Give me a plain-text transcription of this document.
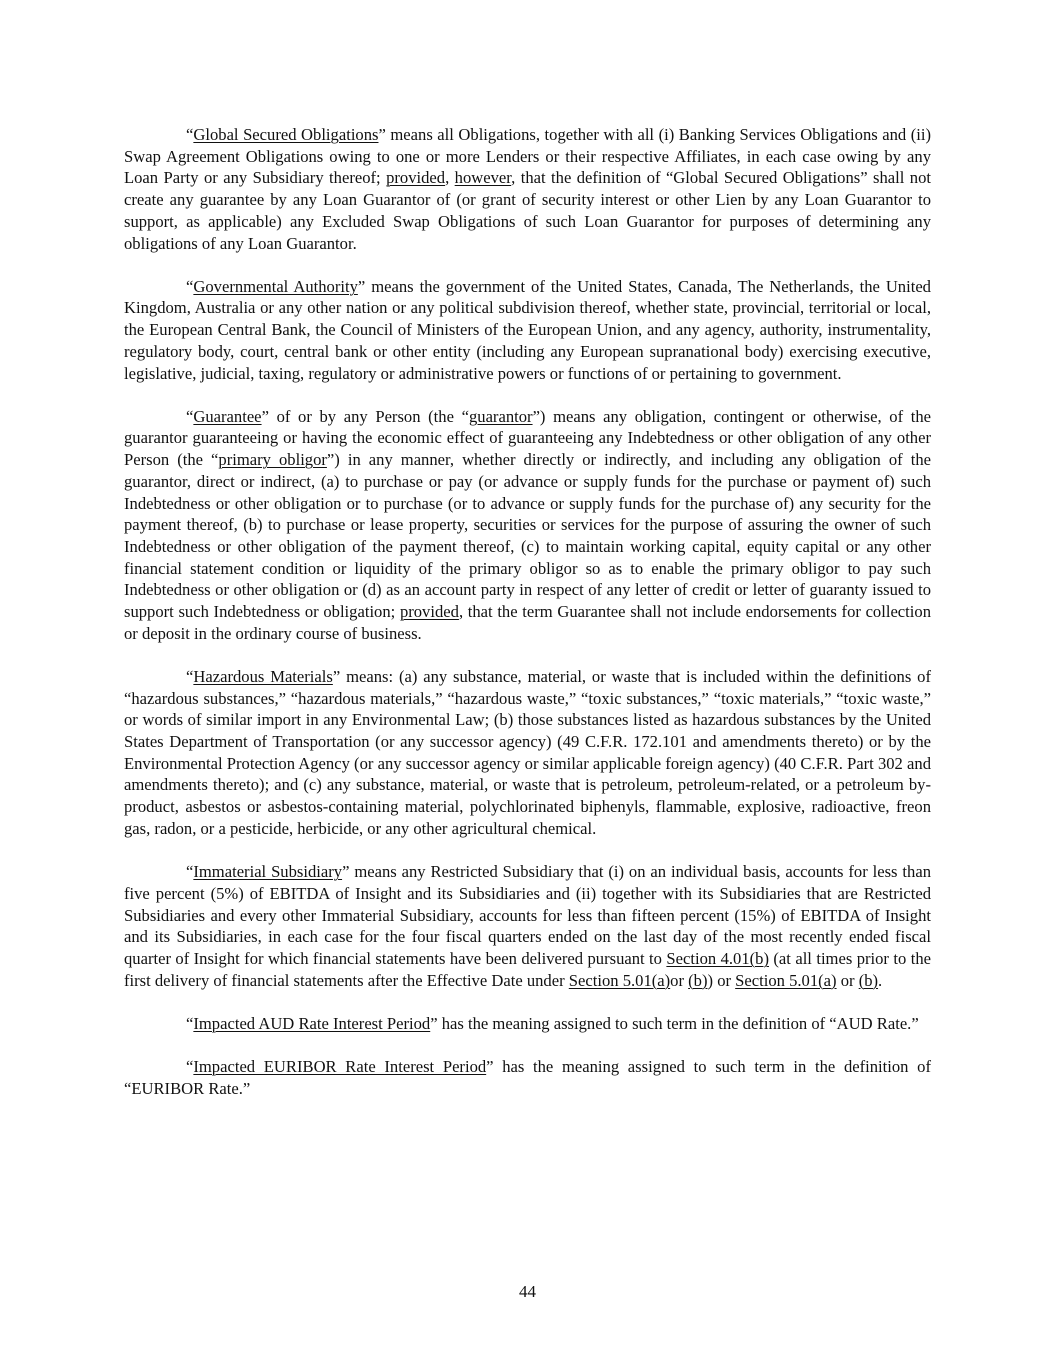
“Global Secured Obligations” means all Obligations, together with all (i) Banking Services Obligations and (ii) Swap Agreement Obligations owing to one or more Lenders or their respective Affiliates, in each case owing by any Loan Party or any Subsidiary thereof; provided, however, that the definition of “Global Secured Obligations” shall not create any guarantee by any Loan Guarantor of (or grant of security interest or other Lien by any Loan Guarantor to support, as applicable) any Excluded Swap Obligations of such Loan Guarantor for purposes of determining any obligations of any Loan Guarantor.

“Governmental Authority” means the government of the United States, Canada, The Netherlands, the United Kingdom, Australia or any other nation or any political subdivision thereof, whether state, provincial, territorial or local, the European Central Bank, the Council of Ministers of the European Union, and any agency, authority, instrumentality, regulatory body, court, central bank or other entity (including any European supranational body) exercising executive, legislative, judicial, taxing, regulatory or administrative powers or functions of or pertaining to government.

“Guarantee” of or by any Person (the “guarantor”) means any obligation, contingent or otherwise, of the guarantor guaranteeing or having the economic effect of guaranteeing any Indebtedness or other obligation of any other Person (the “primary obligor”) in any manner, whether directly or indirectly, and including any obligation of the guarantor, direct or indirect, (a) to purchase or pay (or advance or supply funds for the purchase or payment of) such Indebtedness or other obligation or to purchase (or to advance or supply funds for the purchase of) any security for the payment thereof, (b) to purchase or lease property, securities or services for the purpose of assuring the owner of such Indebtedness or other obligation of the payment thereof, (c) to maintain working capital, equity capital or any other financial statement condition or liquidity of the primary obligor so as to enable the primary obligor to pay such Indebtedness or other obligation or (d) as an account party in respect of any letter of credit or letter of guaranty issued to support such Indebtedness or obligation; provided, that the term Guarantee shall not include endorsements for collection or deposit in the ordinary course of business.

“Hazardous Materials” means: (a) any substance, material, or waste that is included within the definitions of “hazardous substances,” “hazardous materials,” “hazardous waste,” “toxic substances,” “toxic materials,” “toxic waste,” or words of similar import in any Environmental Law; (b) those substances listed as hazardous substances by the United States Department of Transportation (or any successor agency) (49 C.F.R. 172.101 and amendments thereto) or by the Environmental Protection Agency (or any successor agency or similar applicable foreign agency) (40 C.F.R. Part 302 and amendments thereto); and (c) any substance, material, or waste that is petroleum, petroleum-related, or a petroleum by-product, asbestos or asbestos-containing material, polychlorinated biphenyls, flammable, explosive, radioactive, freon gas, radon, or a pesticide, herbicide, or any other agricultural chemical.

“Immaterial Subsidiary” means any Restricted Subsidiary that (i) on an individual basis, accounts for less than five percent (5%) of EBITDA of Insight and its Subsidiaries and (ii) together with its Subsidiaries that are Restricted Subsidiaries and every other Immaterial Subsidiary, accounts for less than fifteen percent (15%) of EBITDA of Insight and its Subsidiaries, in each case for the four fiscal quarters ended on the last day of the most recently ended fiscal quarter of Insight for which financial statements have been delivered pursuant to Section 4.01(b) (at all times prior to the first delivery of financial statements after the Effective Date under Section 5.01(a)or (b)) or Section 5.01(a) or (b).

“Impacted AUD Rate Interest Period” has the meaning assigned to such term in the definition of “AUD Rate.”

“Impacted EURIBOR Rate Interest Period” has the meaning assigned to such term in the definition of “EURIBOR Rate.”

44
